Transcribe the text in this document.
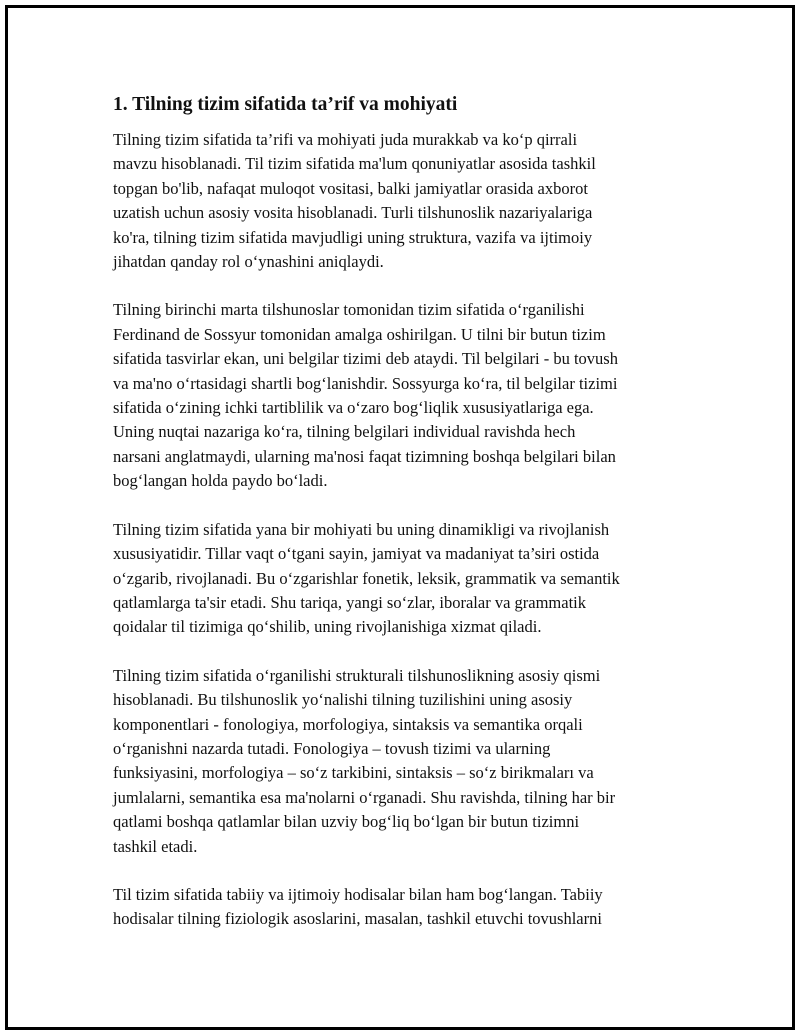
1. Tilning tizim sifatida ta’rif va mohiyati

Tilning tizim sifatida ta’rifi va mohiyati juda murakkab va ko‘p qirrali
mavzu hisoblanadi. Til tizim sifatida ma'lum qonuniyatlar asosida tashkil
topgan bo'lib, nafaqat muloqot vositasi, balki jamiyatlar orasida axborot
uzatish uchun asosiy vosita hisoblanadi. Turli tilshunoslik nazariyalariga
ko'ra, tilning tizim sifatida mavjudligi uning struktura, vazifa va ijtimoiy
jihatdan qanday rol o‘ynashini aniqlaydi.

Tilning birinchi marta tilshunoslar tomonidan tizim sifatida o‘rganilishi
Ferdinand de Sossyur tomonidan amalga oshirilgan. U tilni bir butun tizim
sifatida tasvirlar ekan, uni belgilar tizimi deb ataydi. Til belgilari - bu tovush
va ma'no o‘rtasidagi shartli bog‘lanishdir. Sossyurga ko‘ra, til belgilar tizimi
sifatida o‘zining ichki tartiblilik va o‘zaro bog‘liqlik xususiyatlariga ega.
Uning nuqtai nazariga ko‘ra, tilning belgilari individual ravishda hech
narsani anglatmaydi, ularning ma'nosi faqat tizimning boshqa belgilari bilan
bog‘langan holda paydo bo‘ladi.

Tilning tizim sifatida yana bir mohiyati bu uning dinamikligi va rivojlanish
xususiyatidir. Tillar vaqt o‘tgani sayin, jamiyat va madaniyat ta’siri ostida
o‘zgarib, rivojlanadi. Bu o‘zgarishlar fonetik, leksik, grammatik va semantik
qatlamlarga ta'sir etadi. Shu tariqa, yangi so‘zlar, iboralar va grammatik
qoidalar til tizimiga qo‘shilib, uning rivojlanishiga xizmat qiladi.

Tilning tizim sifatida o‘rganilishi strukturali tilshunoslikning asosiy qismi
hisoblanadi. Bu tilshunoslik yo‘nalishi tilning tuzilishini uning asosiy
komponentlari - fonologiya, morfologiya, sintaksis va semantika orqali
o‘rganishni nazarda tutadi. Fonologiya – tovush tizimi va ularning
funksiyasini, morfologiya – so‘z tarkibini, sintaksis – so‘z birikmaları va
jumlalarni, semantika esa ma'nolarni o‘rganadi. Shu ravishda, tilning har bir
qatlami boshqa qatlamlar bilan uzviy bog‘liq bo‘lgan bir butun tizimni
tashkil etadi.

Til tizim sifatida tabiiy va ijtimoiy hodisalar bilan ham bog‘langan. Tabiiy
hodisalar tilning fiziologik asoslarini, masalan, tashkil etuvchi tovushlarni
